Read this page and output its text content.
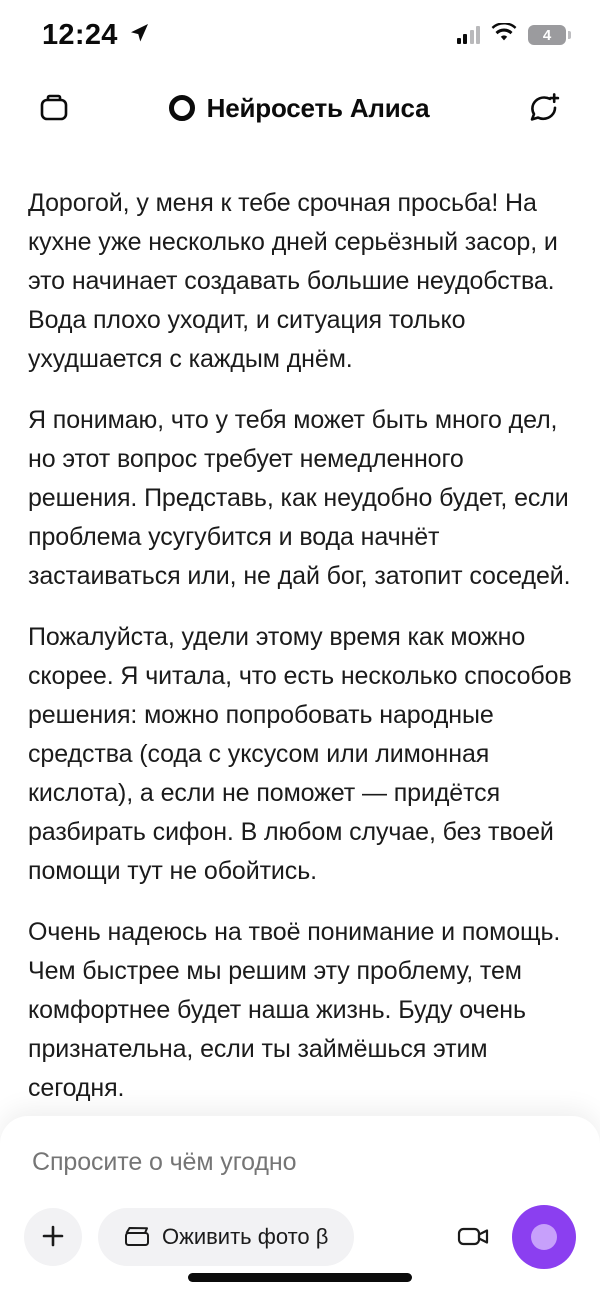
12:24	4
Нейросеть Алиса

Дорогой, у меня к тебе срочная просьба! На кухне уже несколько дней серьёзный засор, и это начинает создавать большие неудобства. Вода плохо уходит, и ситуация только ухудшается с каждым днём.

Я понимаю, что у тебя может быть много дел, но этот вопрос требует немедленного решения. Представь, как неудобно будет, если проблема усугубится и вода начнёт застаиваться или, не дай бог, затопит соседей.

Пожалуйста, удели этому время как можно скорее. Я читала, что есть несколько способов решения: можно попробовать народные средства (сода с уксусом или лимонная кислота), а если не поможет — придётся разбирать сифон. В любом случае, без твоей помощи тут не обойтись.

Очень надеюсь на твоё понимание и помощь. Чем быстрее мы решим эту проблему, тем комфортнее будет наша жизнь. Буду очень признательна, если ты займёшься этим сегодня.

Спросите о чём угодно
Оживить фото β
